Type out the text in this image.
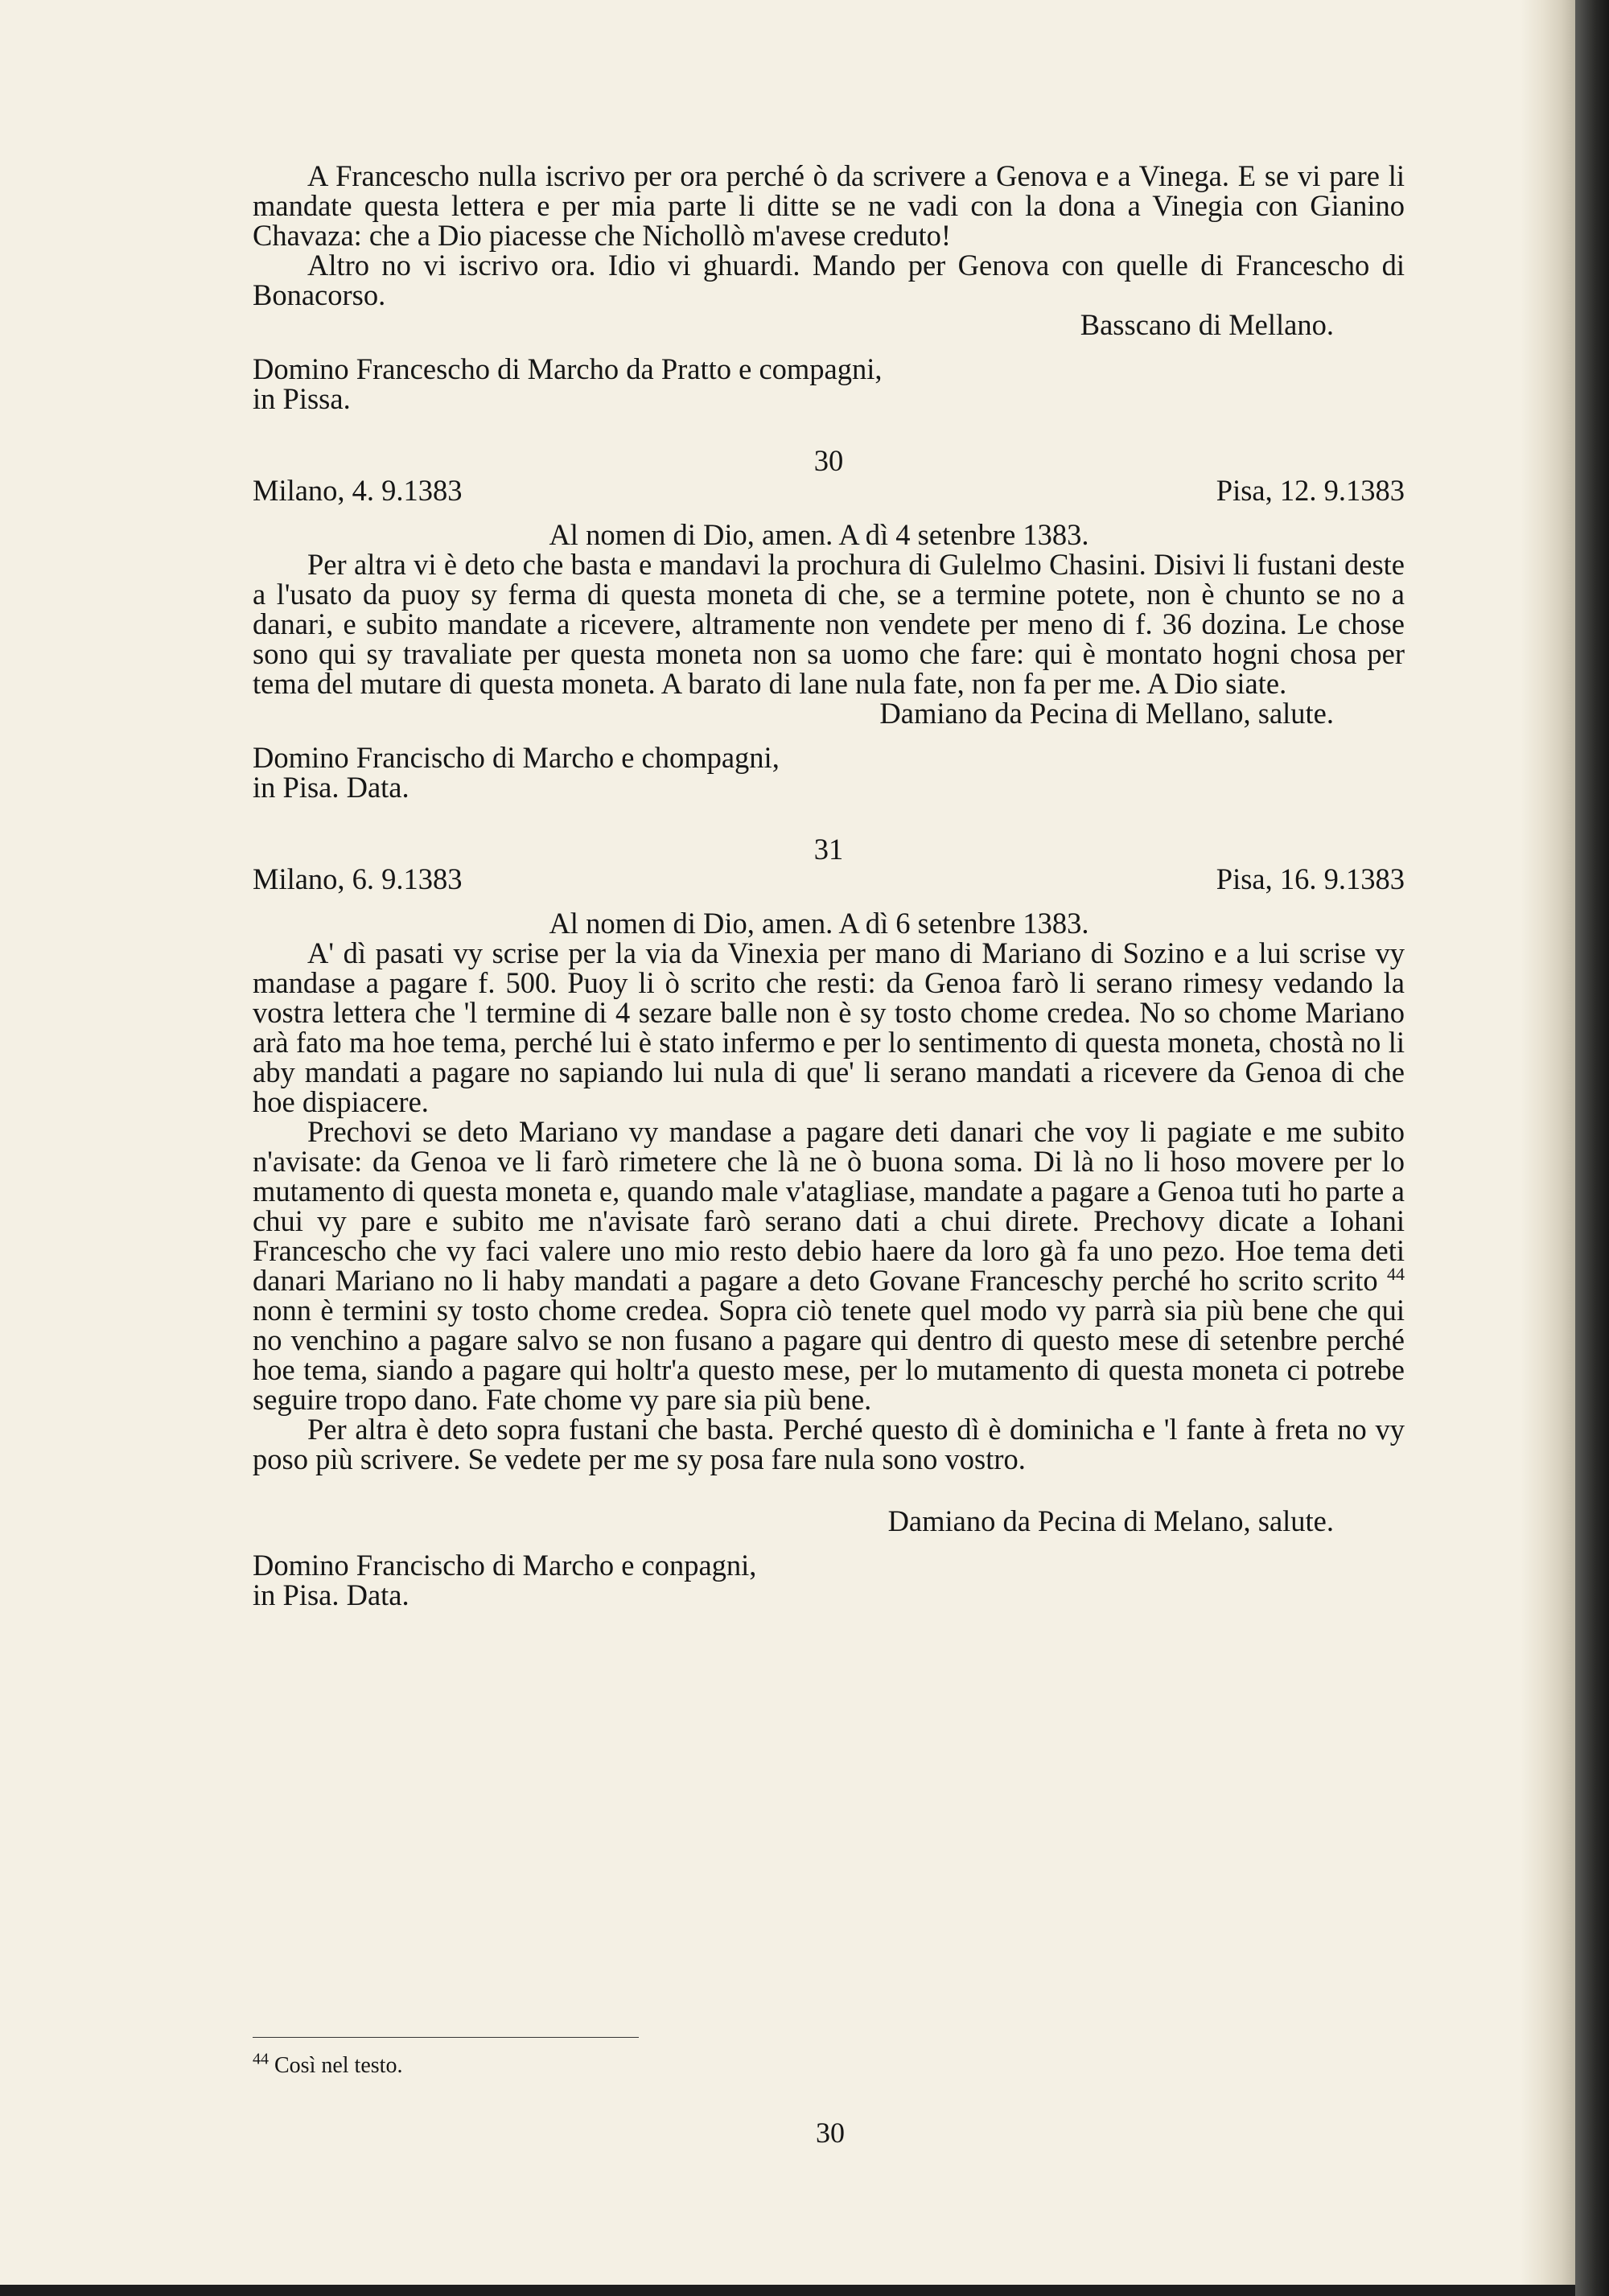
A Francescho nulla iscrivo per ora perché ò da scrivere a Genova e a Vinega. E se vi pare li mandate questa lettera e per mia parte li ditte se ne vadi con la dona a Vinegia con Gianino Chavaza: che a Dio piacesse che Nichollò m'avese creduto!

Altro no vi iscrivo ora. Idio vi ghuardi. Mando per Genova con quelle di Francescho di Bonacorso.

Basscano di Mellano.

Domino Francescho di Marcho da Pratto e compagni,

in Pissa.

30

Milano, 4. 9.1383	Pisa, 12. 9.1383

Al nomen di Dio, amen. A dì 4 setenbre 1383.

Per altra vi è deto che basta e mandavi la prochura di Gulelmo Chasini. Disivi li fustani deste a l'usato da puoy sy ferma di questa moneta di che, se a termine potete, non è chunto se no a danari, e subito mandate a ricevere, altramente non vendete per meno di f. 36 dozina. Le chose sono qui sy travaliate per questa moneta non sa uomo che fare: qui è montato hogni chosa per tema del mutare di questa moneta. A barato di lane nula fate, non fa per me. A Dio siate.

Damiano da Pecina di Mellano, salute.

Domino Francischo di Marcho e chompagni,

in Pisa. Data.

31

Milano, 6. 9.1383	Pisa, 16. 9.1383

Al nomen di Dio, amen. A dì 6 setenbre 1383.

A' dì pasati vy scrise per la via da Vinexia per mano di Mariano di Sozino e a lui scrise vy mandase a pagare f. 500. Puoy li ò scrito che resti: da Genoa farò li serano rimesy vedando la vostra lettera che 'l termine di 4 sezare balle non è sy tosto chome credea. No so chome Mariano arà fato ma hoe tema, perché lui è stato infermo e per lo sentimento di questa moneta, chostà no li aby mandati a pagare no sapiando lui nula di que' li serano mandati a ricevere da Genoa di che hoe dispiacere.

Prechovi se deto Mariano vy mandase a pagare deti danari che voy li pagiate e me subito n'avisate: da Genoa ve li farò rimetere che là ne ò buona soma. Di là no li hoso movere per lo mutamento di questa moneta e, quando male v'atagliase, mandate a pagare a Genoa tuti ho parte a chui vy pare e subito me n'avisate farò serano dati a chui direte. Prechovy dicate a Iohani Francescho che vy faci valere uno mio resto debio haere da loro gà fa uno pezo. Hoe tema deti danari Mariano no li haby mandati a pagare a deto Govane Franceschy perché ho scrito scrito $^{44}$ nonn è termini sy tosto chome credea. Sopra ciò tenete quel modo vy parrà sia più bene che qui no venchino a pagare salvo se non fusano a pagare qui dentro di questo mese di setenbre perché hoe tema, siando a pagare qui holtr'a questo mese, per lo mutamento di questa moneta ci potrebe seguire tropo dano. Fate chome vy pare sia più bene.

Per altra è deto sopra fustani che basta. Perché questo dì è dominicha e 'l fante à freta no vy poso più scrivere. Se vedete per me sy posa fare nula sono vostro.

Damiano da Pecina di Melano, salute.

Domino Francischo di Marcho e conpagni,

in Pisa. Data.

$^{44}$ Così nel testo.
30
